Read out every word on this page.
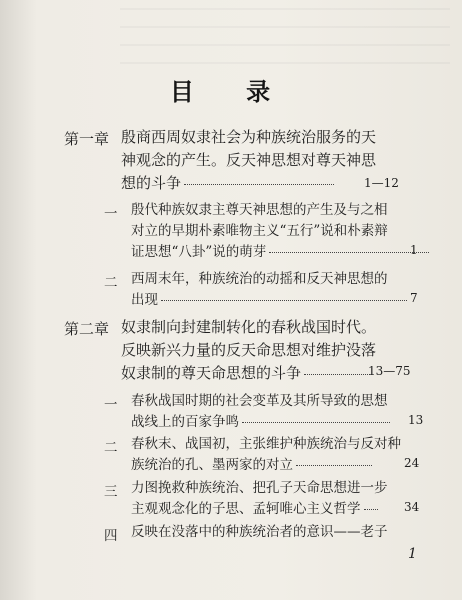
目 录
第一章 殷商西周奴隶社会为种族统治服务的天
神观念的产生。反天神思想对尊天神思
想的斗争	1—12
一 殷代种族奴隶主尊天神思想的产生及与之相
对立的早期朴素唯物主义“五行”说和朴素辩
证思想“八卦”说的萌芽	1
二 西周末年，种族统治的动摇和反天神思想的
出现	7
第二章 奴隶制向封建制转化的春秋战国时代。
反映新兴力量的反天命思想对维护没落
奴隶制的尊天命思想的斗争	13—75
一 春秋战国时期的社会变革及其所导致的思想
战线上的百家争鸣	13
二 春秋末、战国初，主张维护种族统治与反对种
族统治的孔、墨两家的对立	24
三 力图挽救种族统治、把孔子天命思想进一步
主观观念化的子思、孟轲唯心主义哲学	34
四 反映在没落中的种族统治者的意识——老子
1
